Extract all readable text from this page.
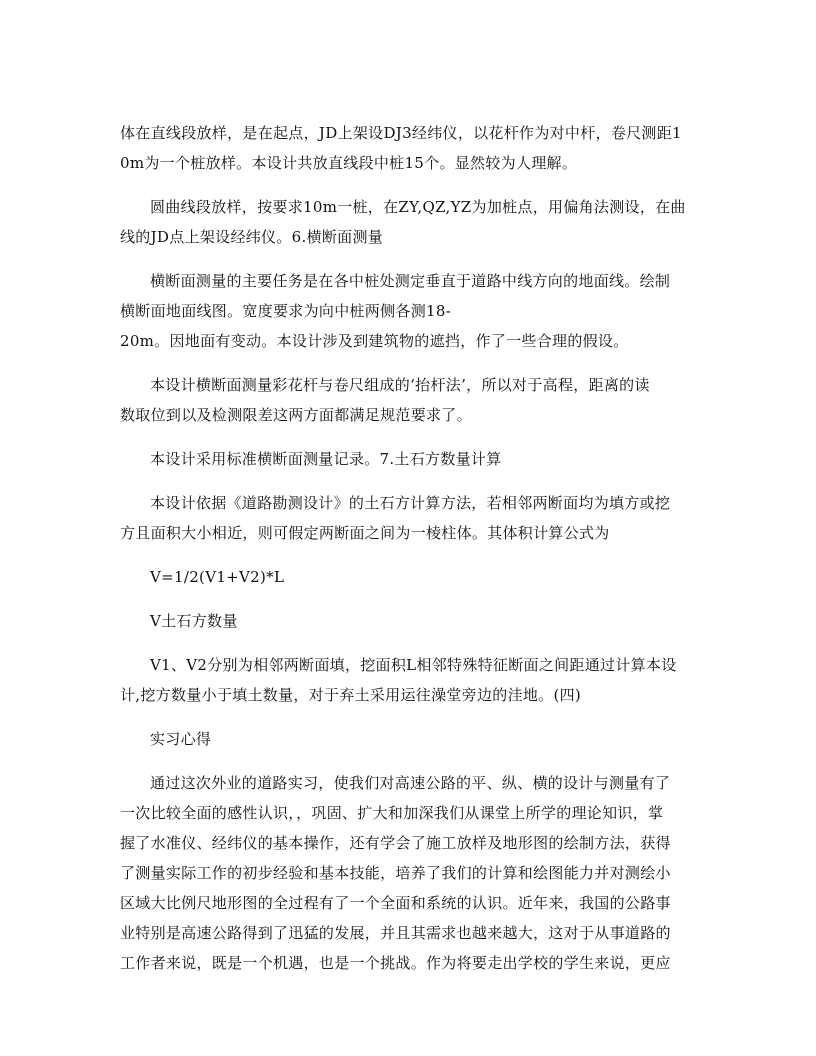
体在直线段放样，是在起点，JD上架设DJ3经纬仪，以花杆作为对中杆，卷尺测距1
0m为一个桩放样。本设计共放直线段中桩15个。显然较为人理解。

圆曲线段放样，按要求10m一桩，在ZY,QZ,YZ为加桩点，用偏角法测设，在曲
线的JD点上架设经纬仪。6.横断面测量

横断面测量的主要任务是在各中桩处测定垂直于道路中线方向的地面线。绘制
横断面地面线图。宽度要求为向中桩两侧各测18-
20m。因地面有变动。本设计涉及到建筑物的遮挡，作了一些合理的假设。

本设计横断面测量彩花杆与卷尺组成的‘抬杆法’，所以对于高程，距离的读
数取位到以及检测限差这两方面都满足规范要求了。

本设计采用标准横断面测量记录。7.土石方数量计算

本设计依据《道路勘测设计》的土石方计算方法，若相邻两断面均为填方或挖
方且面积大小相近，则可假定两断面之间为一棱柱体。其体积计算公式为

V=1/2(V1+V2)*L

V土石方数量

V1、V2分别为相邻两断面填，挖面积L相邻特殊特征断面之间距通过计算本设
计,挖方数量小于填土数量，对于弃土采用运往澡堂旁边的洼地。(四)

实习心得

通过这次外业的道路实习，使我们对高速公路的平、纵、横的设计与测量有了
一次比较全面的感性认识，，巩固、扩大和加深我们从课堂上所学的理论知识，掌
握了水准仪、经纬仪的基本操作，还有学会了施工放样及地形图的绘制方法，获得
了测量实际工作的初步经验和基本技能，培养了我们的计算和绘图能力并对测绘小
区域大比例尺地形图的全过程有了一个全面和系统的认识。近年来，我国的公路事
业特别是高速公路得到了迅猛的发展，并且其需求也越来越大，这对于从事道路的
工作者来说，既是一个机遇，也是一个挑战。作为将要走出学校的学生来说，更应
